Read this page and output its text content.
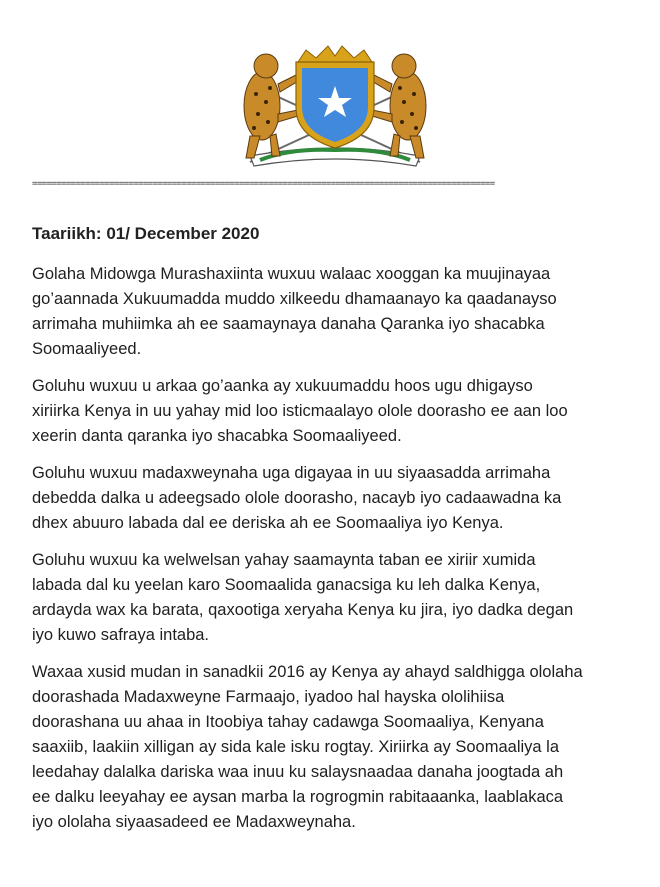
================================================================================================
Taariikh: 01/ December 2020

Golaha Midowga Murashaxiinta wuxuu walaac xooggan ka muujinayaa
go’aannada Xukuumadda muddo xilkeedu dhamaanayo ka qaadanayso
arrimaha muhiimka ah ee saamaynaya danaha Qaranka iyo shacabka
Soomaaliyeed.

Goluhu wuxuu u arkaa go’aanka ay xukuumaddu hoos ugu dhigayso
xiriirka Kenya in uu yahay mid loo isticmaalayo olole doorasho ee aan loo
xeerin danta qaranka iyo shacabka Soomaaliyeed.

Goluhu wuxuu madaxweynaha uga digayaa in uu siyaasadda arrimaha
debedda dalka u adeegsado olole doorasho, nacayb iyo cadaawadna ka
dhex abuuro labada dal ee deriska ah ee Soomaaliya iyo Kenya.

Goluhu wuxuu ka welwelsan yahay saamaynta taban ee xiriir xumida
labada dal ku yeelan karo Soomaalida ganacsiga ku leh dalka Kenya,
ardayda wax ka barata, qaxootiga xeryaha Kenya ku jira, iyo dadka degan
iyo kuwo safraya intaba.

Waxaa xusid mudan in sanadkii 2016 ay Kenya ay ahayd saldhigga ololaha
doorashada Madaxweyne Farmaajo, iyadoo hal hayska ololihiisa
doorashana uu ahaa in Itoobiya tahay cadawga Soomaaliya, Kenyana
saaxiib, laakiin xilligan ay sida kale isku rogtay. Xiriirka ay Soomaaliya la
leedahay dalalka dariska waa inuu ku salaysnaadaa danaha joogtada ah
ee dalku leeyahay ee aysan marba la rogrogmin rabitaaanka, laablakaca
iyo ololaha siyaasadeed ee Madaxweynaha.
